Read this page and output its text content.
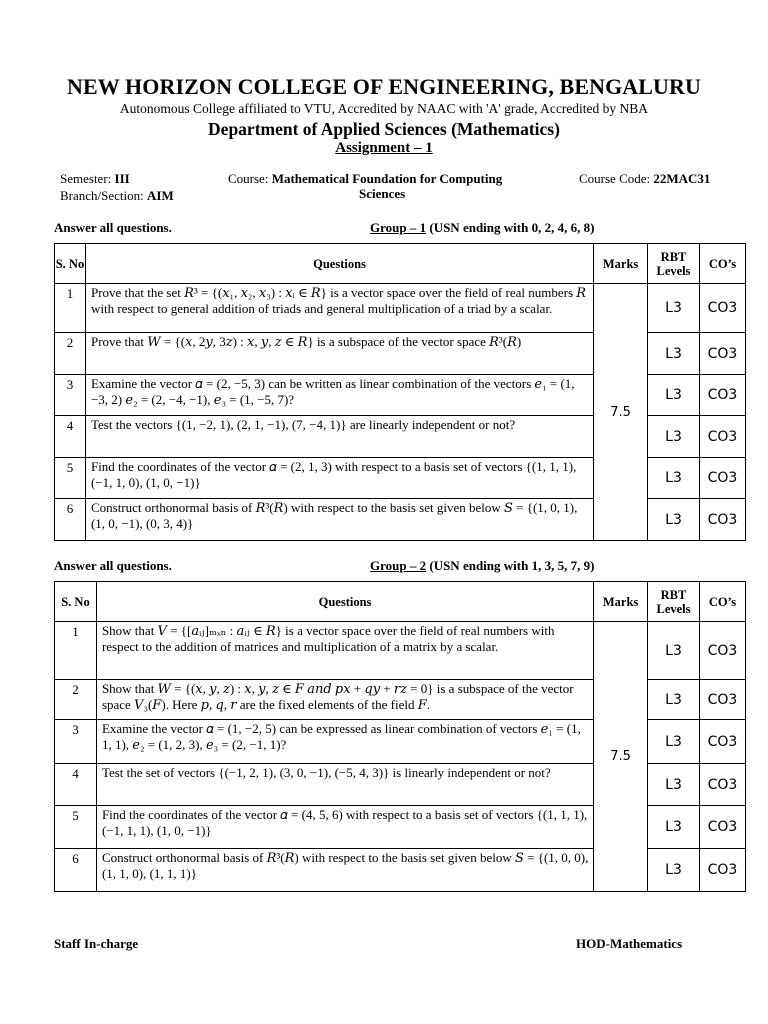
NEW HORIZON COLLEGE OF ENGINEERING, BENGALURU
Autonomous College affiliated to VTU, Accredited by NAAC with 'A' grade, Accredited by NBA
Department of Applied Sciences (Mathematics)
Assignment – 1
Semester: III
Branch/Section: AIM
Course: Mathematical Foundation for Computing
Sciences
Course Code: 22MAC31
Answer all questions.	Group – 1 (USN ending with 0, 2, 4, 6, 8)
S. No	Questions	Marks	RBT Levels	CO’s
1	Prove that the set 𝑅³ = {(𝑥₁, 𝑥₂, 𝑥₃) : 𝑥ᵢ ∈ 𝑅} is a vector space over the field of real numbers 𝑅 with respect to general addition of triads and general multiplication of a triad by a scalar.	7.5	L3	CO3
2	Prove that 𝑊 = {(𝑥, 2𝑦, 3𝑧) : 𝑥, 𝑦, 𝑧 ∈ 𝑅} is a subspace of the vector space 𝑅³(𝑅)		L3	CO3
3	Examine the vector 𝛼 = (2, −5, 3) can be written as linear combination of the vectors 𝑒₁ = (1, −3, 2) 𝑒₂ = (2, −4, −1), 𝑒₃ = (1, −5, 7)?		L3	CO3
4	Test the vectors {(1, −2, 1), (2, 1, −1), (7, −4, 1)} are linearly independent or not?		L3	CO3
5	Find the coordinates of the vector 𝛼 = (2, 1, 3) with respect to a basis set of vectors {(1, 1, 1), (−1, 1, 0), (1, 0, −1)}		L3	CO3
6	Construct orthonormal basis of 𝑅³(𝑅) with respect to the basis set given below 𝑆 = {(1, 0, 1), (1, 0, −1), (0, 3, 4)}		L3	CO3
Answer all questions.	Group – 2 (USN ending with 1, 3, 5, 7, 9)
S. No	Questions	Marks	RBT Levels	CO’s
1	Show that 𝑉 = {[𝑎ᵢⱼ]ₘₓₙ : 𝑎ᵢⱼ ∈ 𝑅} is a vector space over the field of real numbers with respect to the addition of matrices and multiplication of a matrix by a scalar.	7.5	L3	CO3
2	Show that 𝑊 = {(𝑥, 𝑦, 𝑧) : 𝑥, 𝑦, 𝑧 ∈ 𝐹 𝑎𝑛𝑑 𝑝𝑥 + 𝑞𝑦 + 𝑟𝑧 = 0} is a subspace of the vector space 𝑉₃(𝐹). Here 𝑝, 𝑞, 𝑟 are the fixed elements of the field 𝐹.		L3	CO3
3	Examine the vector 𝛼 = (1, −2, 5) can be expressed as linear combination of vectors 𝑒₁ = (1, 1, 1), 𝑒₂ = (1, 2, 3), 𝑒₃ = (2, −1, 1)?		L3	CO3
4	Test the set of vectors {(−1, 2, 1), (3, 0, −1), (−5, 4, 3)} is linearly independent or not?		L3	CO3
5	Find the coordinates of the vector 𝛼 = (4, 5, 6) with respect to a basis set of vectors {(1, 1, 1), (−1, 1, 1), (1, 0, −1)}		L3	CO3
6	Construct orthonormal basis of 𝑅³(𝑅) with respect to the basis set given below 𝑆 = {(1, 0, 0), (1, 1, 0), (1, 1, 1)}		L3	CO3
Staff In-charge	HOD-Mathematics
